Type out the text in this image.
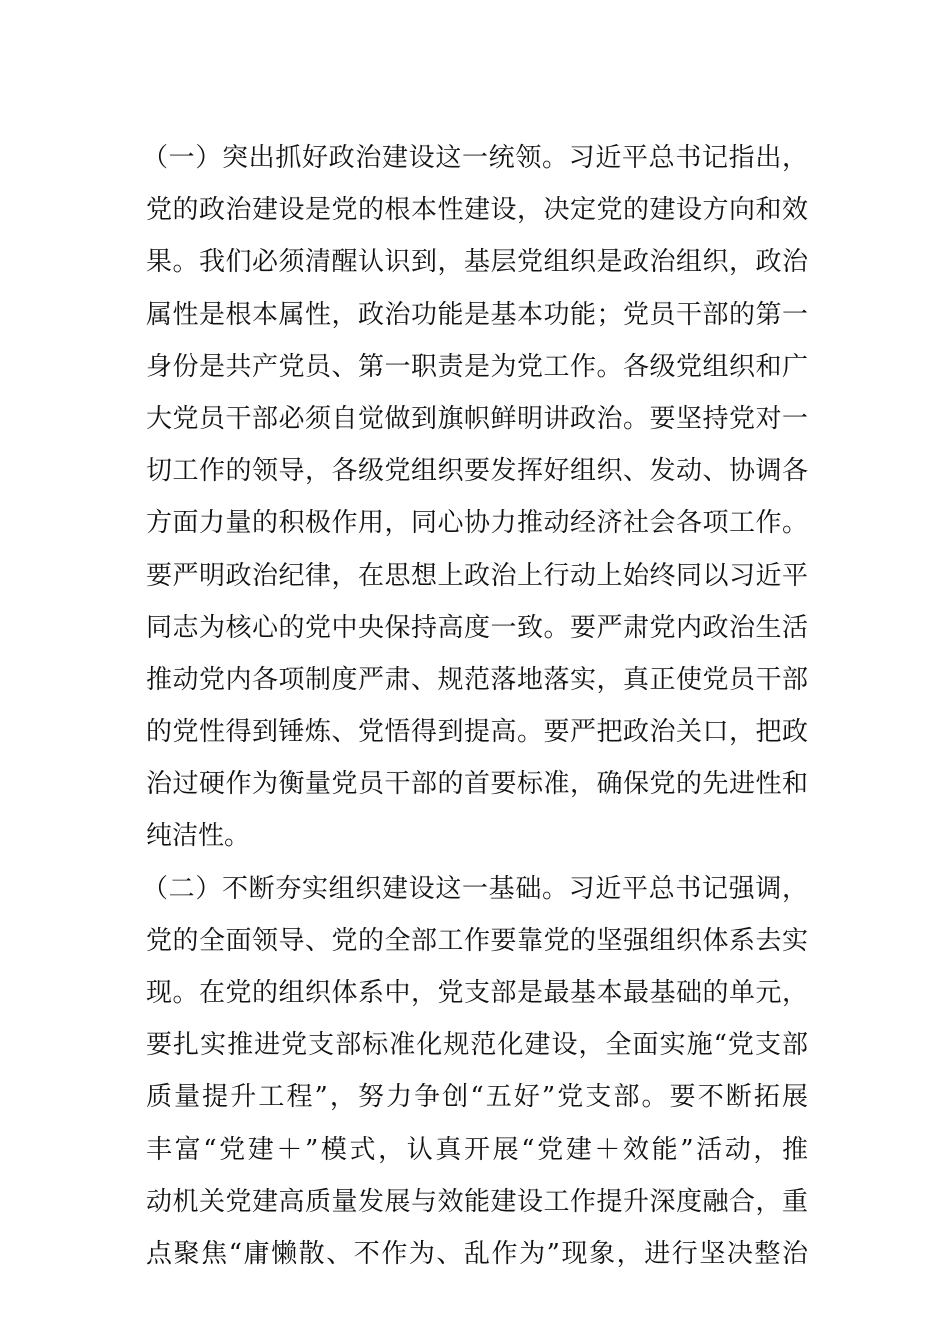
（一）突出抓好政治建设这一统领。习近平总书记指出，
党的政治建设是党的根本性建设，决定党的建设方向和效
果。我们必须清醒认识到，基层党组织是政治组织，政治
属性是根本属性，政治功能是基本功能；党员干部的第一
身份是共产党员、第一职责是为党工作。各级党组织和广
大党员干部必须自觉做到旗帜鲜明讲政治。要坚持党对一
切工作的领导，各级党组织要发挥好组织、发动、协调各
方面力量的积极作用，同心协力推动经济社会各项工作。
要严明政治纪律，在思想上政治上行动上始终同以习近平
同志为核心的党中央保持高度一致。要严肃党内政治生活
推动党内各项制度严肃、规范落地落实，真正使党员干部
的党性得到锤炼、党悟得到提高。要严把政治关口，把政
治过硬作为衡量党员干部的首要标准，确保党的先进性和
纯洁性。
（二）不断夯实组织建设这一基础。习近平总书记强调，
党的全面领导、党的全部工作要靠党的坚强组织体系去实
现。在党的组织体系中，党支部是最基本最基础的单元，
要扎实推进党支部标准化规范化建设，全面实施“党支部
质量提升工程”，努力争创“五好”党支部。要不断拓展
丰富“党建＋”模式，认真开展“党建＋效能”活动，推
动机关党建高质量发展与效能建设工作提升深度融合，重
点聚焦“庸懒散、不作为、乱作为”现象，进行坚决整治
